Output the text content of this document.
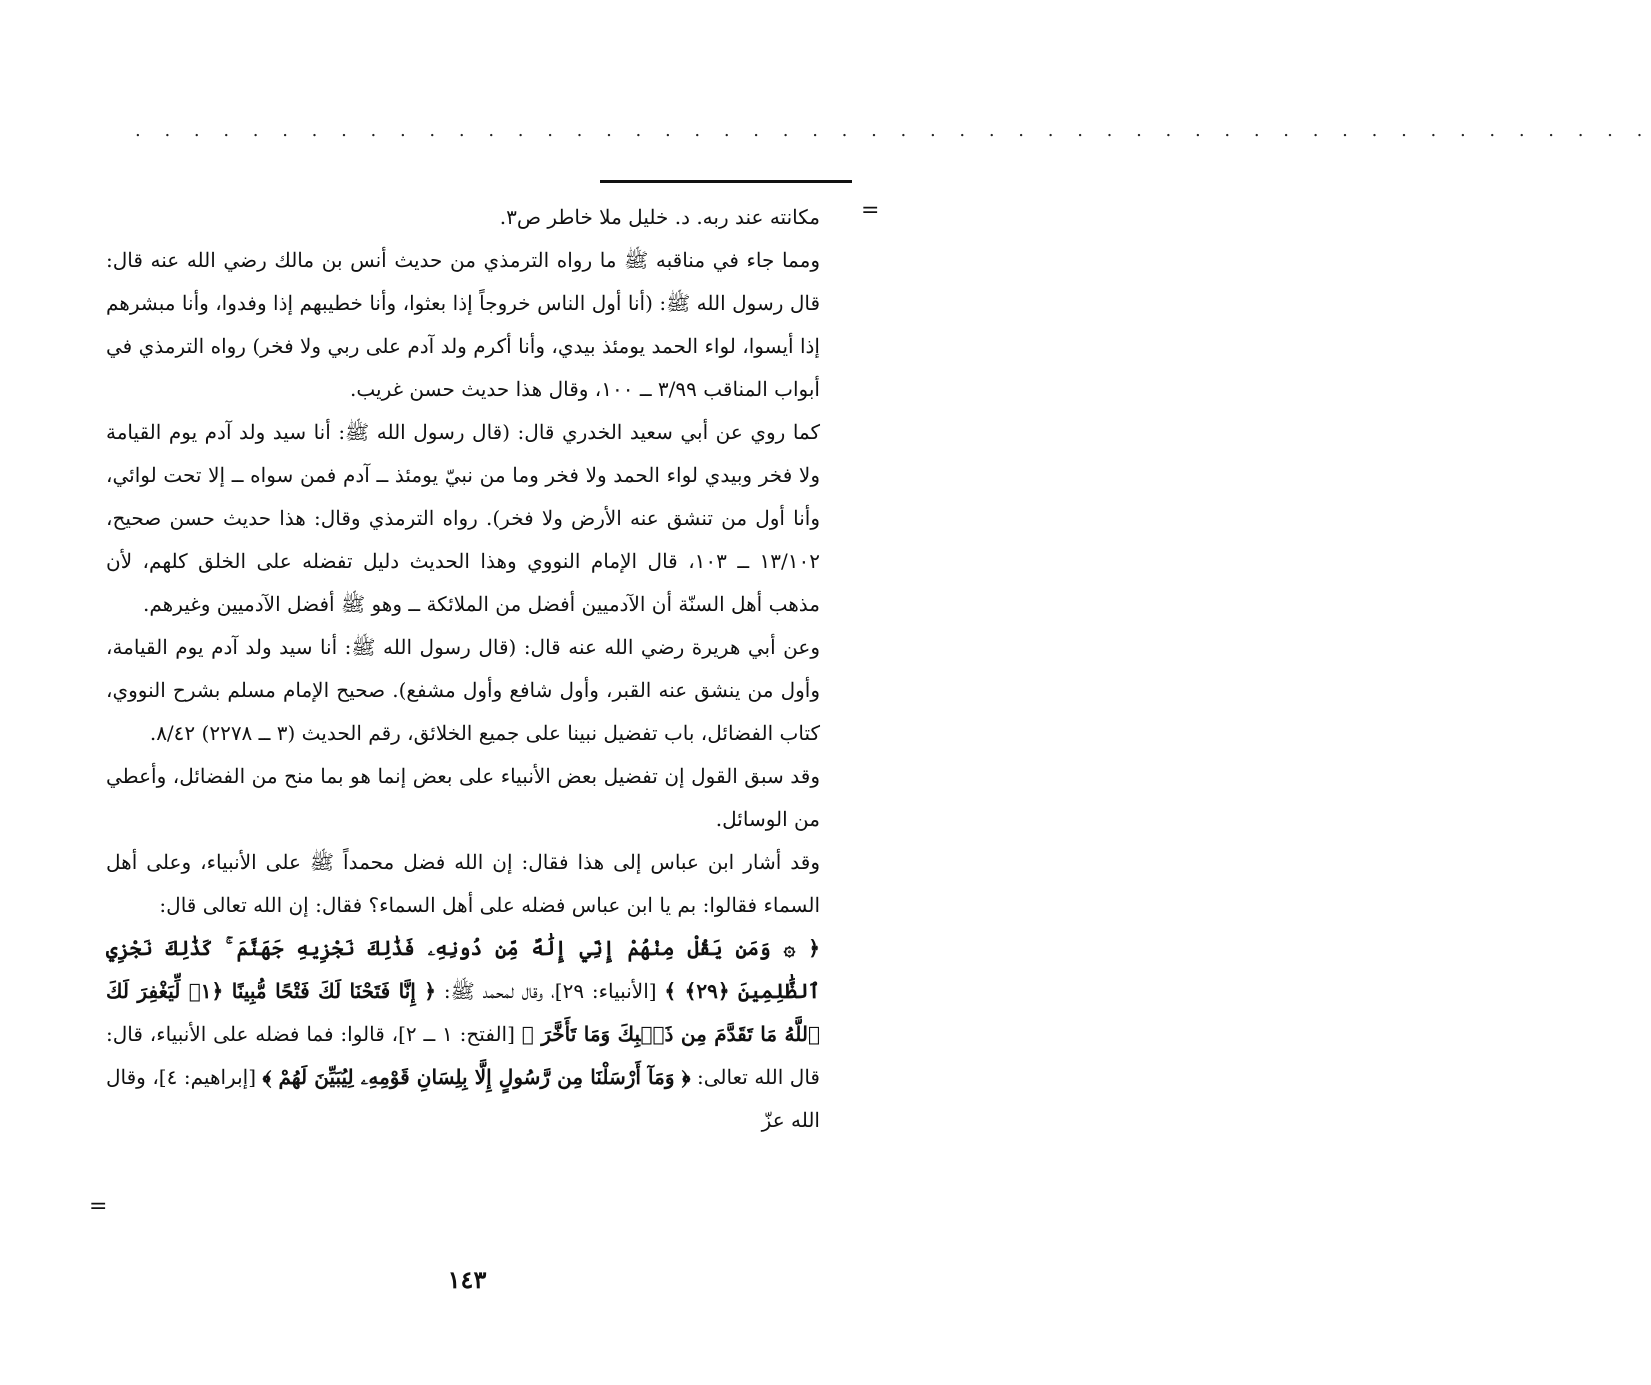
. . . . . . . . . . . . . . . . . . . . . . . . . . . . . . . . . . . . . . . . . . . . . . . . . . . .
=

مكانته عند ربه. د. خليل ملا خاطر ص٣.

ومما جاء في مناقبه ﷺ ما رواه الترمذي من حديث أنس بن مالك رضي الله عنه قال: قال رسول الله ﷺ: (أنا أول الناس خروجاً إذا بعثوا، وأنا خطيبهم إذا وفدوا، وأنا مبشرهم إذا أيسوا، لواء الحمد يومئذ بيدي، وأنا أكرم ولد آدم على ربي ولا فخر) رواه الترمذي في أبواب المناقب ٣/٩٩ ــ ١٠٠، وقال هذا حديث حسن غريب.

كما روي عن أبي سعيد الخدري قال: (قال رسول الله ﷺ: أنا سيد ولد آدم يوم القيامة ولا فخر وبيدي لواء الحمد ولا فخر وما من نبيّ يومئذ ــ آدم فمن سواه ــ إلا تحت لوائي، وأنا أول من تنشق عنه الأرض ولا فخر). رواه الترمذي وقال: هذا حديث حسن صحيح، ١٣/١٠٢ ــ ١٠٣، قال الإمام النووي وهذا الحديث دليل تفضله على الخلق كلهم، لأن مذهب أهل السنّة أن الآدميين أفضل من الملائكة ــ وهو ﷺ أفضل الآدميين وغيرهم.

وعن أبي هريرة رضي الله عنه قال: (قال رسول الله ﷺ: أنا سيد ولد آدم يوم القيامة، وأول من ينشق عنه القبر، وأول شافع وأول مشفع). صحيح الإمام مسلم بشرح النووي، كتاب الفضائل، باب تفضيل نبينا على جميع الخلائق، رقم الحديث (٣ ــ ٢٢٧٨) ٨/٤٢.

وقد سبق القول إن تفضيل بعض الأنبياء على بعض إنما هو بما منح من الفضائل، وأعطي من الوسائل.

وقد أشار ابن عباس إلى هذا فقال: إن الله فضل محمداً ﷺ على الأنبياء، وعلى أهل السماء فقالوا: بم يا ابن عباس فضله على أهل السماء؟ فقال: إن الله تعالى قال:

﴿ ۞ وَمَن يَقُلْ مِنْهُمْ إِنِّي إِلَٰهٌ مِّن دُونِهِۦ فَذَٰلِكَ نَجْزِيهِ جَهَنَّمَ ۚ كَذَٰلِكَ نَجْزِي ٱلظَّٰلِمِينَ ﴿٢٩﴾ ﴾ [الأنبياء: ٢٩]، وقال لمحمد ﷺ: ﴿ إِنَّا فَتَحْنَا لَكَ فَتْحًا مُّبِينًا ﴿١﴾ لِّيَغْفِرَ لَكَ ٱللَّهُ مَا تَقَدَّمَ مِن ذَنۢبِكَ وَمَا تَأَخَّرَ ﴾ [الفتح: ١ ــ ٢]، قالوا: فما فضله على الأنبياء، قال: قال الله تعالى: ﴿ وَمَآ أَرْسَلْنَا مِن رَّسُولٍ إِلَّا بِلِسَانِ قَوْمِهِۦ لِيُبَيِّنَ لَهُمْ ﴾ [إبراهيم: ٤]، وقال الله عزّ

=
١٤٣
